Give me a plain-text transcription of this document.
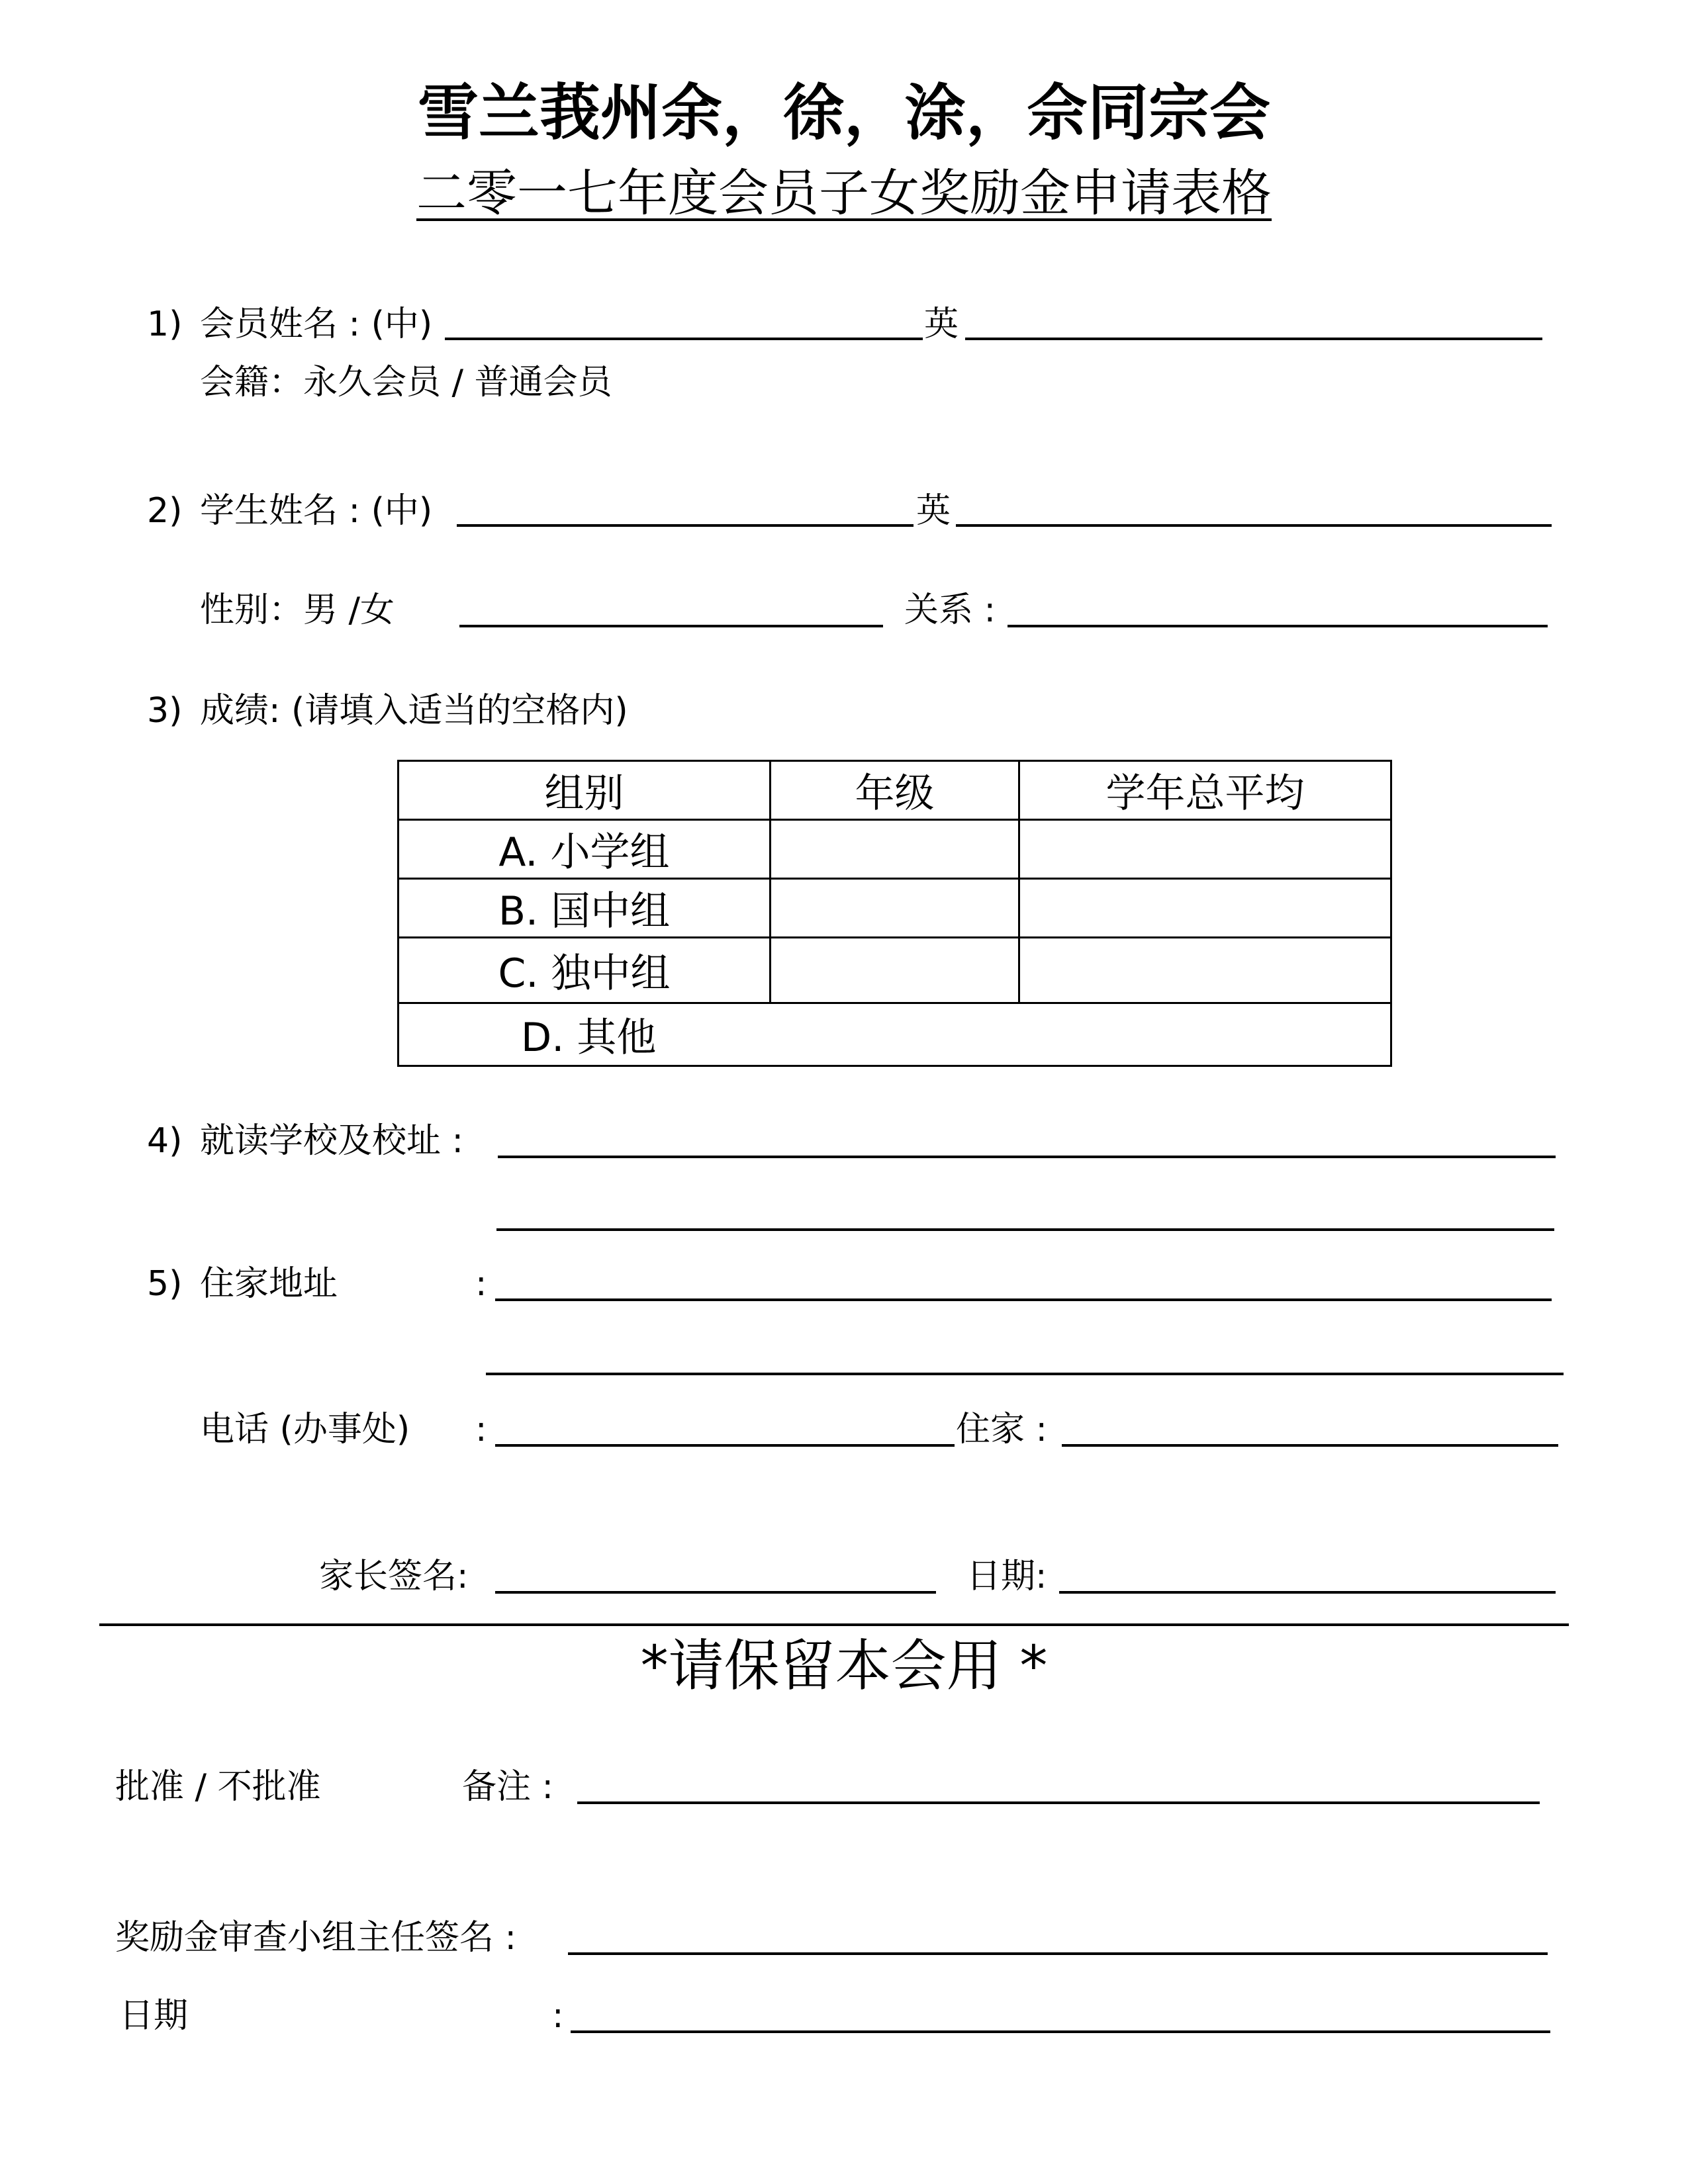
雪兰莪州余，徐，涂，佘同宗会
二零一七年度会员子女奖励金申请表格
1) 会员姓名 : (中)	英
会籍：永久会员 / 普通会员
2) 学生姓名 : (中)	英
性别：男 /女	关系 :
3) 成绩: (请填入适当的空格内)
组别	年级	学年总平均
A. 小学组		
B. 国中组		
C. 独中组		
D. 其他		
4) 就读学校及校址 :
5) 住家地址	:
电话 (办事处) :	住家 :
家长签名:	日期:
*请保留本会用 *
批准 / 不批准	备注 :
奖励金审查小组主任签名 :
日期	:
